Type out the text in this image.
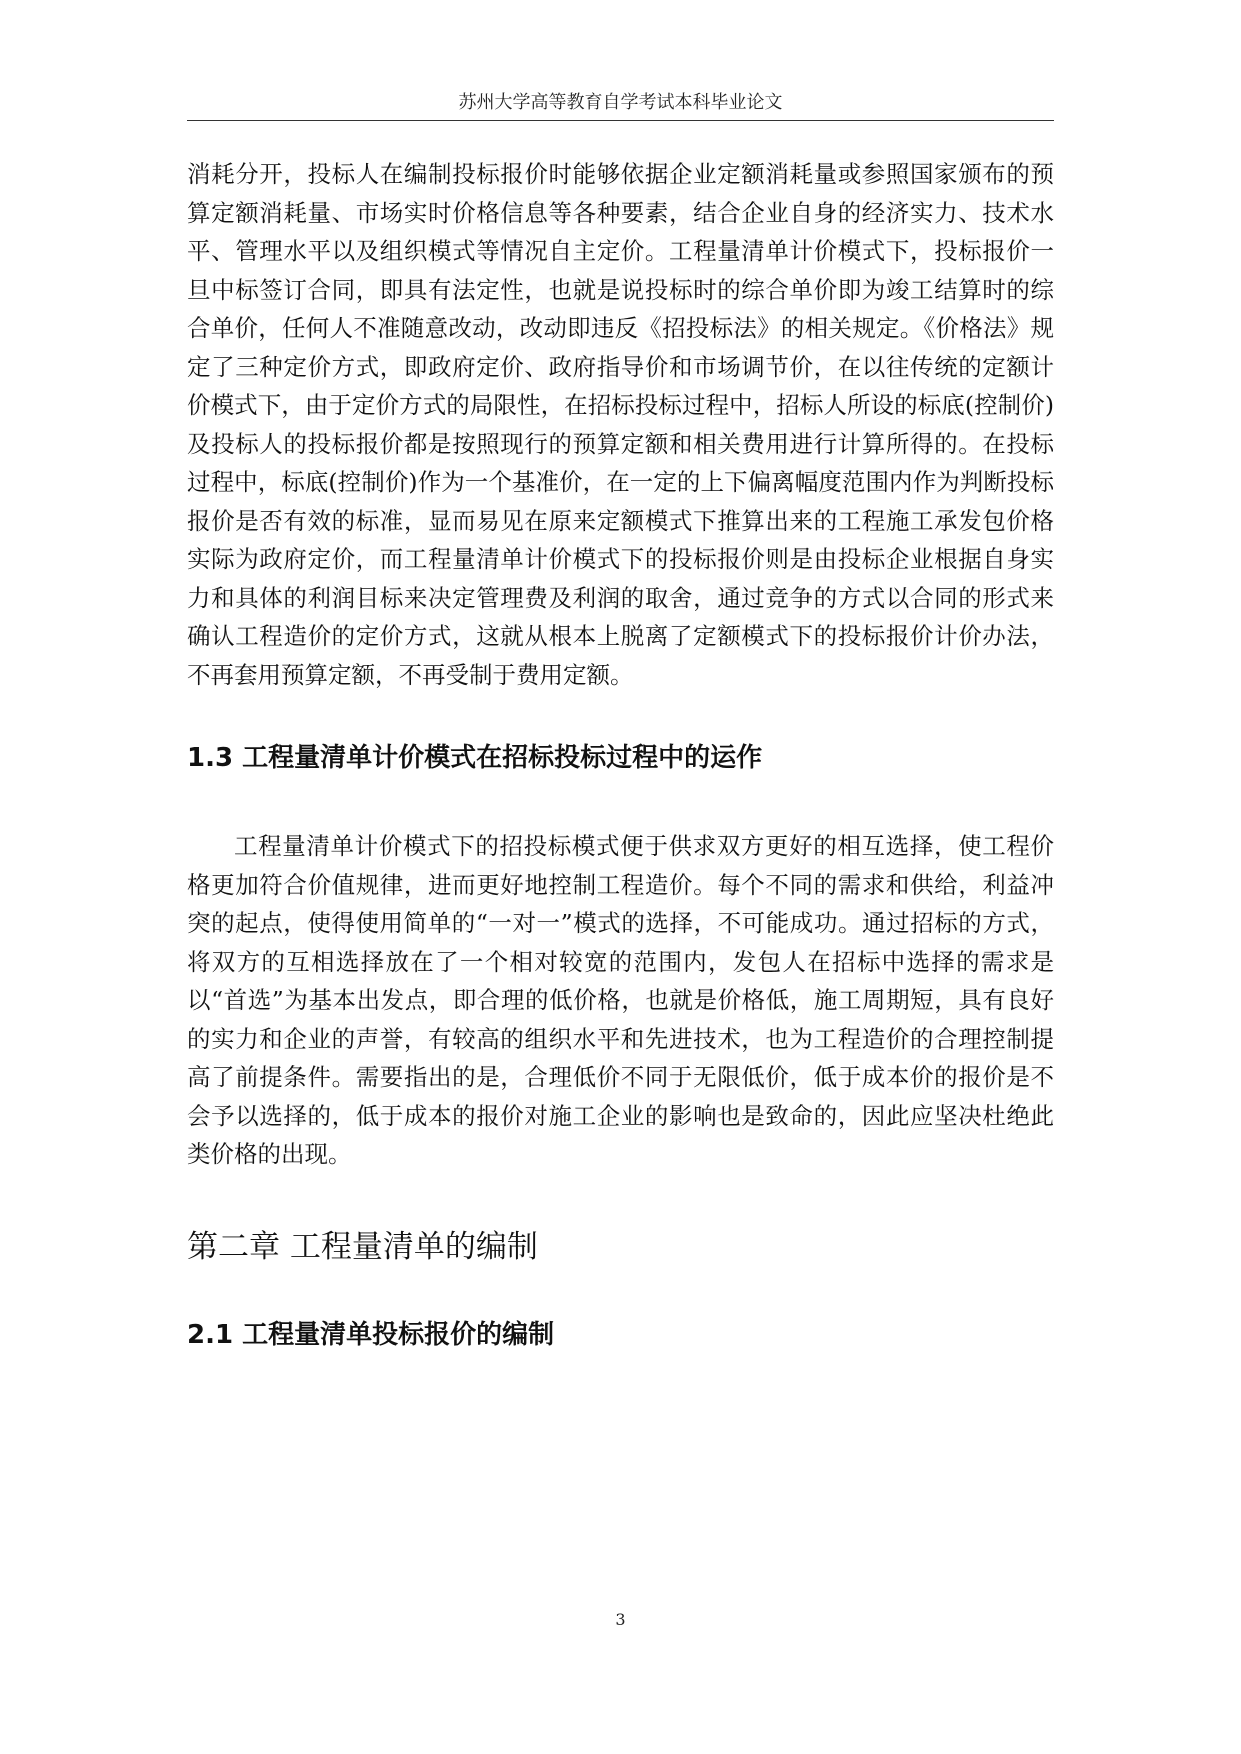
苏州大学高等教育自学考试本科毕业论文

消耗分开，投标人在编制投标报价时能够依据企业定额消耗量或参照国家颁布的预算定额消耗量、市场实时价格信息等各种要素，结合企业自身的经济实力、技术水平、管理水平以及组织模式等情况自主定价。工程量清单计价模式下，投标报价一旦中标签订合同，即具有法定性，也就是说投标时的综合单价即为竣工结算时的综合单价，任何人不准随意改动，改动即违反《招投标法》的相关规定。《价格法》规定了三种定价方式，即政府定价、政府指导价和市场调节价，在以往传统的定额计价模式下，由于定价方式的局限性，在招标投标过程中，招标人所设的标底(控制价)及投标人的投标报价都是按照现行的预算定额和相关费用进行计算所得的。在投标过程中，标底(控制价)作为一个基准价，在一定的上下偏离幅度范围内作为判断投标报价是否有效的标准，显而易见在原来定额模式下推算出来的工程施工承发包价格实际为政府定价，而工程量清单计价模式下的投标报价则是由投标企业根据自身实力和具体的利润目标来决定管理费及利润的取舍，通过竞争的方式以合同的形式来确认工程造价的定价方式，这就从根本上脱离了定额模式下的投标报价计价办法，不再套用预算定额，不再受制于费用定额。

1.3 工程量清单计价模式在招标投标过程中的运作

工程量清单计价模式下的招投标模式便于供求双方更好的相互选择，使工程价格更加符合价值规律，进而更好地控制工程造价。每个不同的需求和供给，利益冲突的起点，使得使用简单的“一对一”模式的选择，不可能成功。通过招标的方式，将双方的互相选择放在了一个相对较宽的范围内，发包人在招标中选择的需求是以“首选”为基本出发点，即合理的低价格，也就是价格低，施工周期短，具有良好的实力和企业的声誉，有较高的组织水平和先进技术，也为工程造价的合理控制提高了前提条件。需要指出的是，合理低价不同于无限低价，低于成本价的报价是不会予以选择的，低于成本的报价对施工企业的影响也是致命的，因此应坚决杜绝此类价格的出现。

第二章 工程量清单的编制
2.1 工程量清单投标报价的编制
3
